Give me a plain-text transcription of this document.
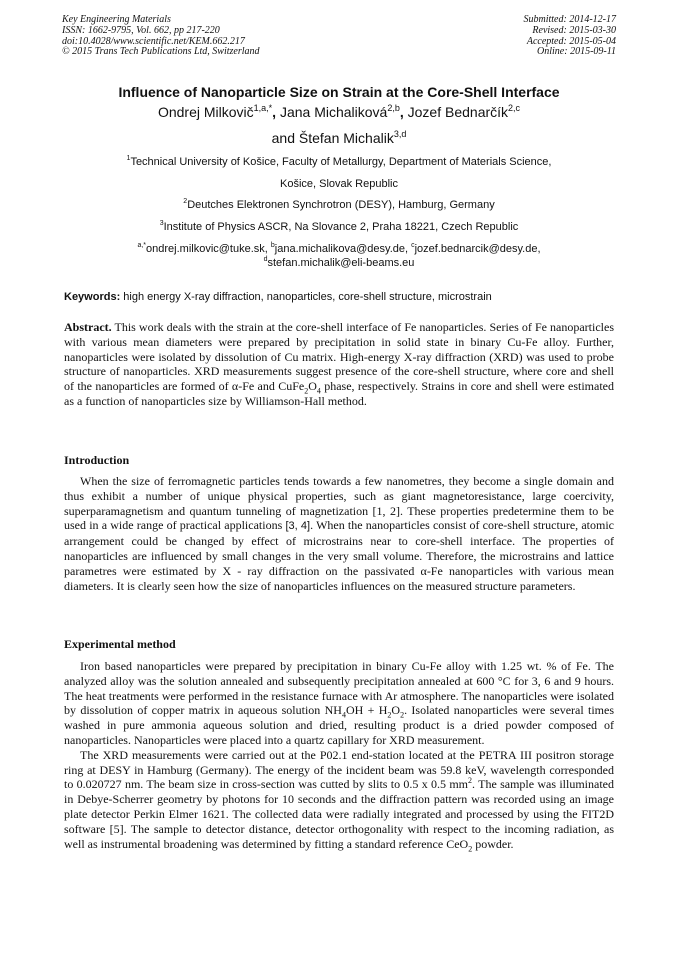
Key Engineering Materials
ISSN: 1662-9795, Vol. 662, pp 217-220
doi:10.4028/www.scientific.net/KEM.662.217
© 2015 Trans Tech Publications Ltd, Switzerland
Submitted: 2014-12-17
Revised: 2015-03-30
Accepted: 2015-05-04
Online: 2015-09-11
Influence of Nanoparticle Size on Strain at the Core-Shell Interface
Ondrej Milkovič$^{1,a,*}$, Jana Michaliková$^{2,b}$, Jozef Bednarčík$^{2,c}$
and Štefan Michalik$^{3,d}$
$^1$Technical University of Košice, Faculty of Metallurgy, Department of Materials Science,
Košice, Slovak Republic
$^2$Deutches Elektronen Synchrotron (DESY), Hamburg, Germany
$^3$Institute of Physics ASCR, Na Slovance 2, Praha 18221, Czech Republic
$^{a,*}$ondrej.milkovic@tuke.sk, $^b$jana.michalikova@desy.de, $^c$jozef.bednarcik@desy.de,
$^d$stefan.michalik@eli-beams.eu
Keywords: high energy X-ray diffraction, nanoparticles, core-shell structure, microstrain

Abstract. This work deals with the strain at the core-shell interface of Fe nanoparticles. Series of Fe nanoparticles with various mean diameters were prepared by precipitation in solid state in binary Cu-Fe alloy. Further, nanoparticles were isolated by dissolution of Cu matrix. High-energy X-ray diffraction (XRD) was used to probe structure of nanoparticles. XRD measurements suggest presence of the core-shell structure, where core and shell of the nanoparticles are formed of α-Fe and $CuFe_2O_4$ phase, respectively. Strains in core and shell were estimated as a function of nanoparticles size by Williamson-Hall method.

Introduction

When the size of ferromagnetic particles tends towards a few nanometres, they become a single domain and thus exhibit a number of unique physical properties, such as giant magnetoresistance, large coercivity, superparamagnetism and quantum tunneling of magnetization [1, 2]. These properties predetermine them to be used in a wide range of practical applications [3, 4]. When the nanoparticles consist of core-shell structure, atomic arrangement could be changed by effect of microstrains near to core-shell interface. The properties of nanoparticles are influenced by small changes in the very small volume. Therefore, the microstrains and lattice parametres were estimated by X - ray diffraction on the passivated α-Fe nanoparticles with various mean diameters. It is clearly seen how the size of nanoparticles influences on the measured structure parameters.

Experimental method

Iron based nanoparticles were prepared by precipitation in binary Cu-Fe alloy with 1.25 wt. % of Fe. The analyzed alloy was the solution annealed and subsequently precipitation annealed at 600 °C for 3, 6 and 9 hours. The heat treatments were performed in the resistance furnace with Ar atmosphere. The nanoparticles were isolated by dissolution of copper matrix in aqueous solution $NH_4OH + H_2O_2$. Isolated nanoparticles were several times washed in pure ammonia aqueous solution and dried, resulting product is a dried powder composed of nanoparticles. Nanoparticles were placed into a quartz capillary for XRD measurement.

The XRD measurements were carried out at the P02.1 end-station located at the PETRA III positron storage ring at DESY in Hamburg (Germany). The energy of the incident beam was 59.8 keV, wavelength corresponded to 0.020727 nm. The beam size in cross-section was cutted by slits to 0.5 x 0.5 $mm^2$. The sample was illuminated in Debye-Scherrer geometry by photons for 10 seconds and the diffraction pattern was recorded using an image plate detector Perkin Elmer 1621. The collected data were radially integrated and processed by using the FIT2D software [5]. The sample to detector distance, detector orthogonality with respect to the incoming radiation, as well as instrumental broadening was determined by fitting a standard reference CeO$_2$ powder.
